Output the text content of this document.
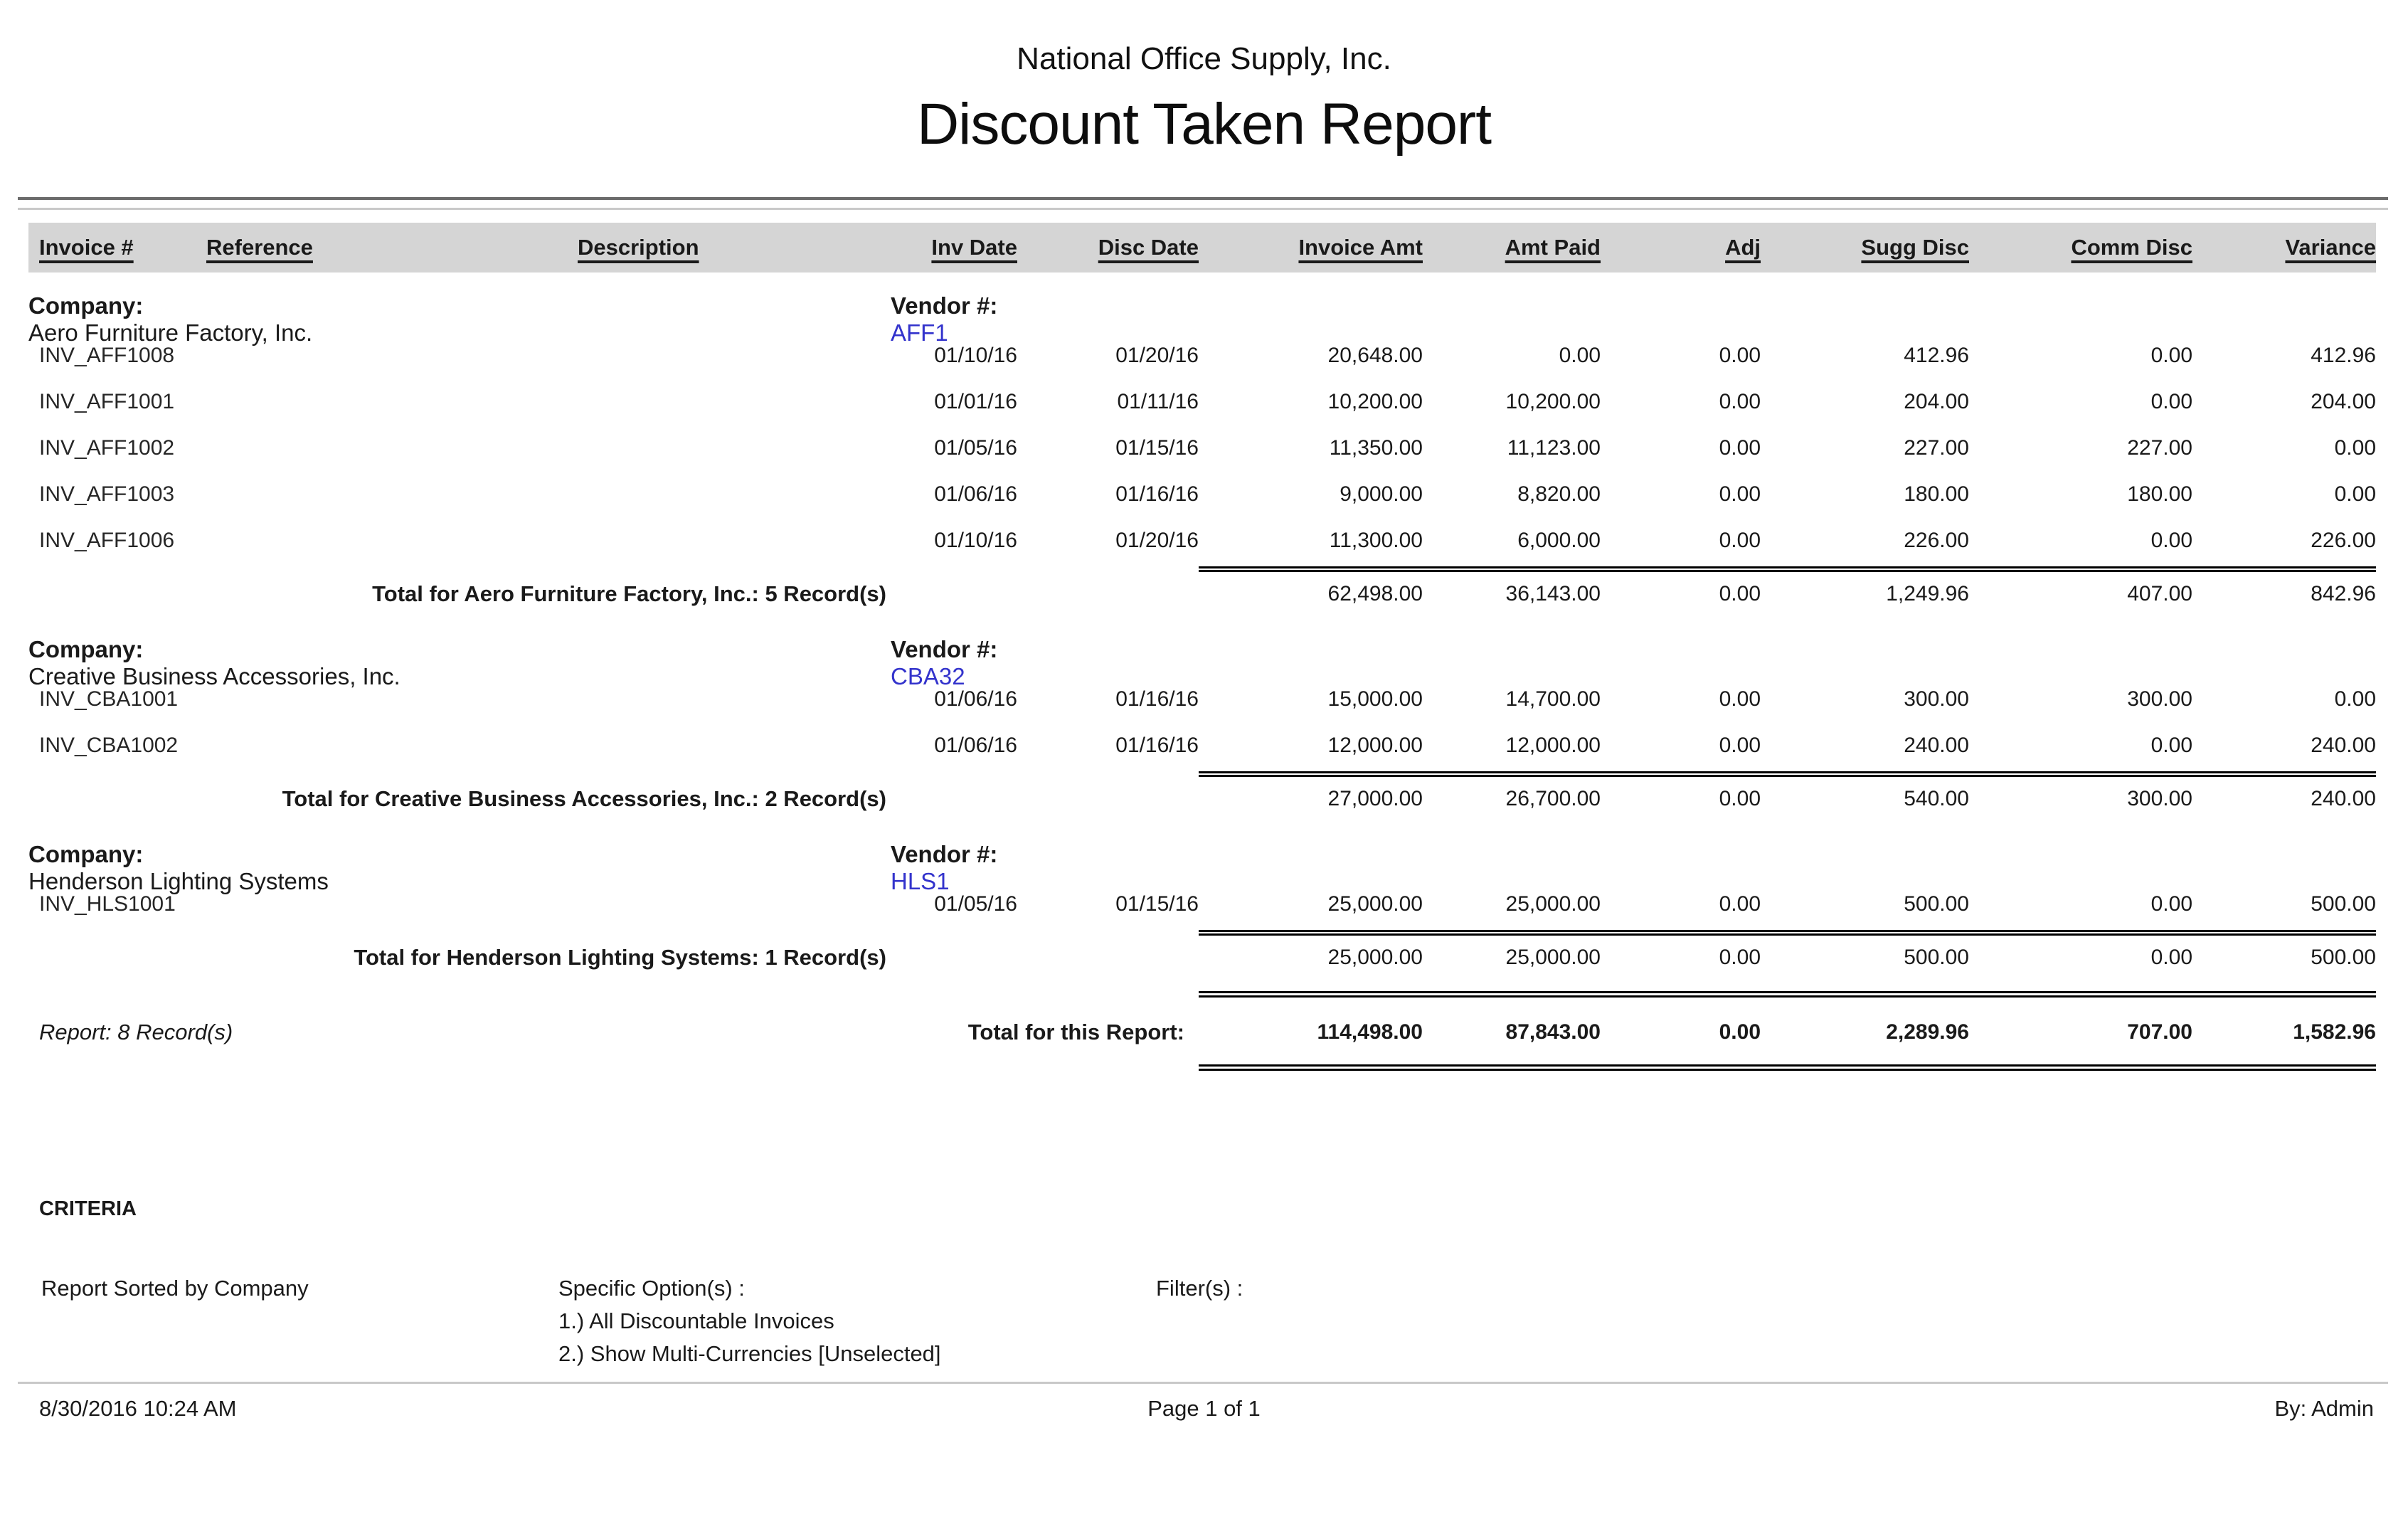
National Office Supply, Inc.
Discount Taken Report
Invoice #	Reference	Description	Inv Date	Disc Date	Invoice Amt	Amt Paid	Adj	Sugg Disc	Comm Disc	Variance
Company:
Aero Furniture Factory, Inc.
Vendor #:
AFF1
INV_AFF1008	01/10/16	01/20/16	20,648.00	0.00	0.00	412.96	0.00	412.96
INV_AFF1001	01/01/16	01/11/16	10,200.00	10,200.00	0.00	204.00	0.00	204.00
INV_AFF1002	01/05/16	01/15/16	11,350.00	11,123.00	0.00	227.00	227.00	0.00
INV_AFF1003	01/06/16	01/16/16	9,000.00	8,820.00	0.00	180.00	180.00	0.00
INV_AFF1006	01/10/16	01/20/16	11,300.00	6,000.00	0.00	226.00	0.00	226.00
Total for Aero Furniture Factory, Inc.: 5 Record(s)	62,498.00	36,143.00	0.00	1,249.96	407.00	842.96
Company:
Creative Business Accessories, Inc.
Vendor #:
CBA32
INV_CBA1001	01/06/16	01/16/16	15,000.00	14,700.00	0.00	300.00	300.00	0.00
INV_CBA1002	01/06/16	01/16/16	12,000.00	12,000.00	0.00	240.00	0.00	240.00
Total for Creative Business Accessories, Inc.: 2 Record(s)	27,000.00	26,700.00	0.00	540.00	300.00	240.00
Company:
Henderson Lighting Systems
Vendor #:
HLS1
INV_HLS1001	01/05/16	01/15/16	25,000.00	25,000.00	0.00	500.00	0.00	500.00
Total for Henderson Lighting Systems: 1 Record(s)	25,000.00	25,000.00	0.00	500.00	0.00	500.00
Report: 8 Record(s)	Total for this Report:	114,498.00	87,843.00	0.00	2,289.96	707.00	1,582.96
CRITERIA
Report Sorted by Company	Specific Option(s) :
1.) All Discountable Invoices
2.) Show Multi-Currencies [Unselected]
Filter(s) :
8/30/2016 10:24 AM	Page 1 of 1	By: Admin
